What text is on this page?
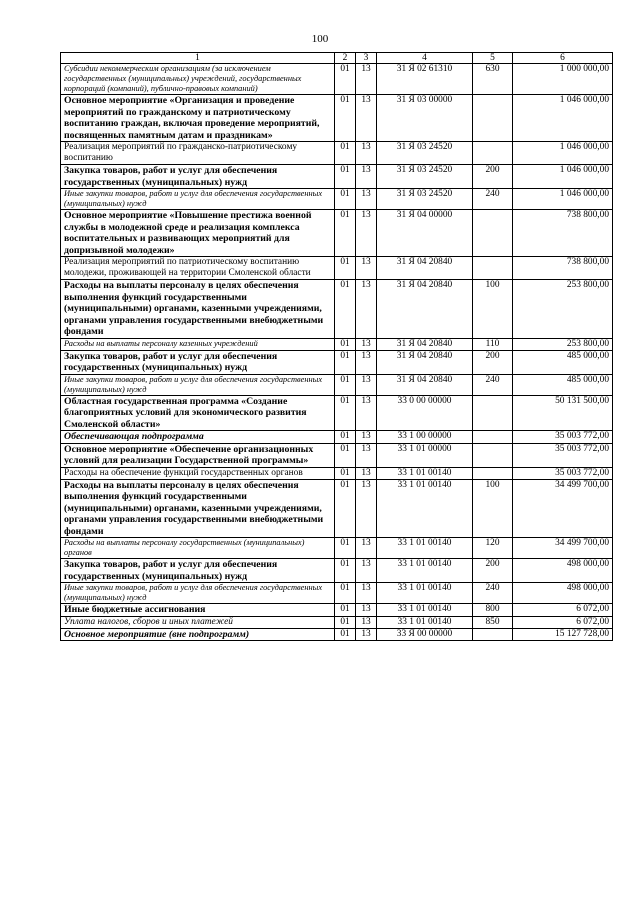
100
1	2	3	4	5	6
Субсидии некоммерческим организациям (за исключением государственных (муниципальных) учреждений, государственных корпораций (компаний), публично-правовых компаний)	01	13	31 Я 02 61310	630	1 000 000,00
Основное мероприятие «Организация и проведение мероприятий по гражданскому и патриотическому воспитанию граждан, включая проведение мероприятий, посвященных памятным датам и праздникам»	01	13	31 Я 03 00000		1 046 000,00
Реализация мероприятий по гражданско-патриотическому воспитанию	01	13	31 Я 03 24520		1 046 000,00
Закупка товаров, работ и услуг для обеспечения государственных (муниципальных) нужд	01	13	31 Я 03 24520	200	1 046 000,00
Иные закупки товаров, работ и услуг для обеспечения государственных (муниципальных) нужд	01	13	31 Я 03 24520	240	1 046 000,00
Основное мероприятие «Повышение престижа военной службы в молодежной среде и реализация комплекса воспитательных и развивающих мероприятий для допризывной молодежи»	01	13	31 Я 04 00000		738 800,00
Реализация мероприятий по патриотическому воспитанию молодежи, проживающей на территории Смоленской области	01	13	31 Я 04 20840		738 800,00
Расходы на выплаты персоналу в целях обеспечения выполнения функций государственными (муниципальными) органами, казенными учреждениями, органами управления государственными внебюджетными фондами	01	13	31 Я 04 20840	100	253 800,00
Расходы на выплаты персоналу казенных учреждений	01	13	31 Я 04 20840	110	253 800,00
Закупка товаров, работ и услуг для обеспечения государственных (муниципальных) нужд	01	13	31 Я 04 20840	200	485 000,00
Иные закупки товаров, работ и услуг для обеспечения государственных (муниципальных) нужд	01	13	31 Я 04 20840	240	485 000,00
Областная государственная программа «Создание благоприятных условий для экономического развития Смоленской области»	01	13	33 0 00 00000		50 131 500,00
Обеспечивающая подпрограмма	01	13	33 1 00 00000		35 003 772,00
Основное мероприятие «Обеспечение организационных условий для реализации Государственной программы»	01	13	33 1 01 00000		35 003 772,00
Расходы на обеспечение функций государственных органов	01	13	33 1 01 00140		35 003 772,00
Расходы на выплаты персоналу в целях обеспечения выполнения функций государственными (муниципальными) органами, казенными учреждениями, органами управления государственными внебюджетными фондами	01	13	33 1 01 00140	100	34 499 700,00
Расходы на выплаты персоналу государственных (муниципальных) органов	01	13	33 1 01 00140	120	34 499 700,00
Закупка товаров, работ и услуг для обеспечения государственных (муниципальных) нужд	01	13	33 1 01 00140	200	498 000,00
Иные закупки товаров, работ и услуг для обеспечения государственных (муниципальных) нужд	01	13	33 1 01 00140	240	498 000,00
Иные бюджетные ассигнования	01	13	33 1 01 00140	800	6 072,00
Уплата налогов, сборов и иных платежей	01	13	33 1 01 00140	850	6 072,00
Основное мероприятие (вне подпрограмм)	01	13	33 Я 00 00000		15 127 728,00
